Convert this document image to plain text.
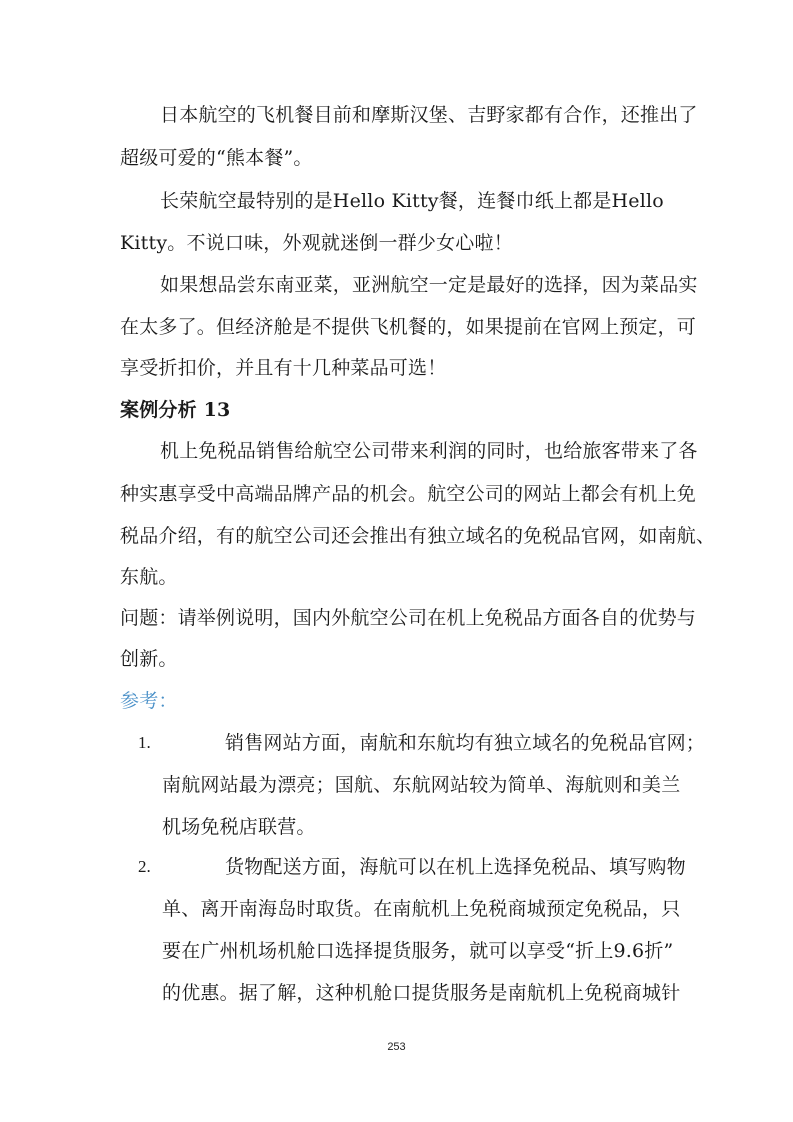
日本航空的飞机餐目前和摩斯汉堡、吉野家都有合作，还推出了
超级可爱的“熊本餐”。
长荣航空最特别的是Hello Kitty餐，连餐巾纸上都是Hello
Kitty。不说口味，外观就迷倒一群少女心啦！
如果想品尝东南亚菜，亚洲航空一定是最好的选择，因为菜品实
在太多了。但经济舱是不提供飞机餐的，如果提前在官网上预定，可
享受折扣价，并且有十几种菜品可选！
案例分析 13
机上免税品销售给航空公司带来利润的同时，也给旅客带来了各
种实惠享受中高端品牌产品的机会。航空公司的网站上都会有机上免
税品介绍，有的航空公司还会推出有独立域名的免税品官网，如南航、
东航。
问题：请举例说明，国内外航空公司在机上免税品方面各自的优势与
创新。
参考：
1.	销售网站方面，南航和东航均有独立域名的免税品官网；
南航网站最为漂亮；国航、东航网站较为简单、海航则和美兰
机场免税店联营。
2.	货物配送方面，海航可以在机上选择免税品、填写购物
单、离开南海岛时取货。在南航机上免税商城预定免税品，只
要在广州机场机舱口选择提货服务，就可以享受“折上9.6折”
的优惠。据了解，这种机舱口提货服务是南航机上免税商城针
253
